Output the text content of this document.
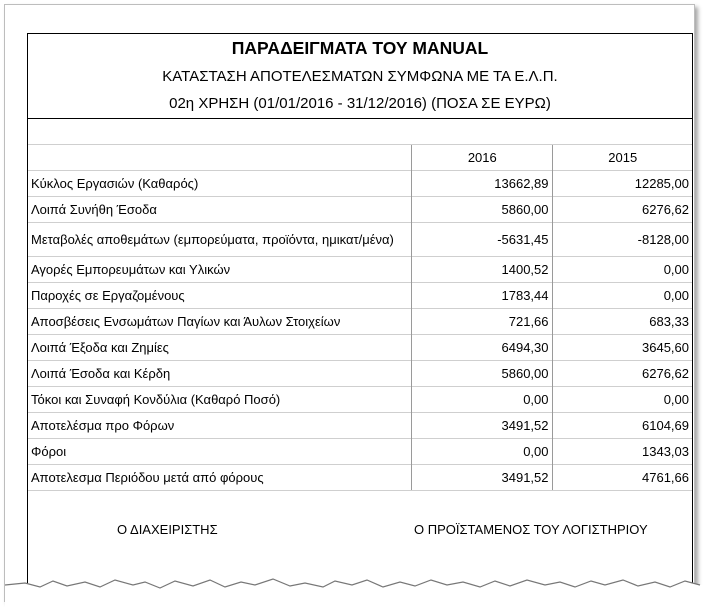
ΠΑΡΑΔΕΙΓΜΑΤΑ ΤΟΥ MANUAL
ΚΑΤΑΣΤΑΣΗ ΑΠΟΤΕΛΕΣΜΑΤΩΝ ΣΥΜΦΩΝΑ ΜΕ ΤΑ Ε.Λ.Π.
02η ΧΡΗΣΗ (01/01/2016 - 31/12/2016) (ΠΟΣΑ ΣΕ ΕΥΡΩ)
	2016	2015
Κύκλος Εργασιών (Καθαρός)	13662,89	12285,00
Λοιπά Συνήθη Έσοδα	5860,00	6276,62
Μεταβολές αποθεμάτων (εμπορεύματα, προϊόντα, ημικατ/μένα)	-5631,45	-8128,00
Αγορές Εμπορευμάτων και Υλικών	1400,52	0,00
Παροχές σε Εργαζομένους	1783,44	0,00
Αποσβέσεις Ενσωμάτων Παγίων και Άυλων Στοιχείων	721,66	683,33
Λοιπά Έξοδα και Ζημίες	6494,30	3645,60
Λοιπά Έσοδα και Κέρδη	5860,00	6276,62
Τόκοι και Συναφή Κονδύλια (Καθαρό Ποσό)	0,00	0,00
Αποτελέσμα προ Φόρων	3491,52	6104,69
Φόροι	0,00	1343,03
Αποτελεσμα Περιόδου μετά από φόρους	3491,52	4761,66
Ο ΔΙΑΧΕΙΡΙΣΤΗΣ	Ο ΠΡΟΪΣΤΑΜΕΝΟΣ ΤΟΥ ΛΟΓΙΣΤΗΡΙΟΥ
